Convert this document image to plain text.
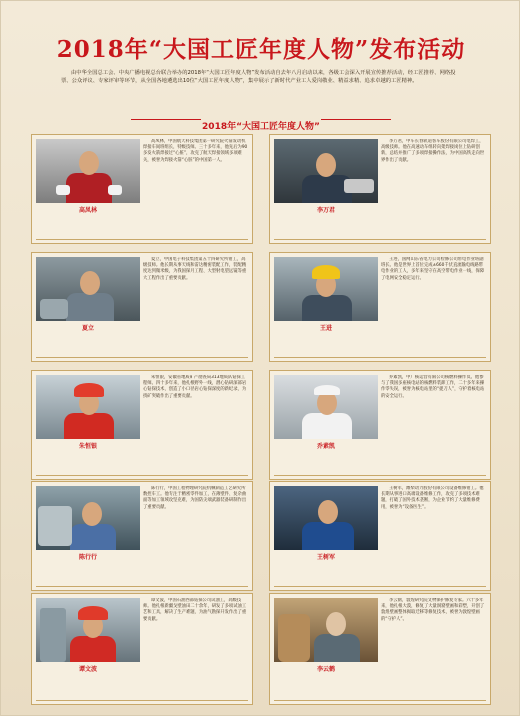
2018年“大国工匠年度人物”发布活动
由中华全国总工会、中央广播电视总台联合举办的2018年“大国工匠年度人物”发布活动自去年八月启动以来，各级工会深入开展宣传推荐活动，经工匠推荐、网络投票、公众评议、专家评审等环节，从全国各地遴选出10位“大国工匠年度人物”，集中展示了新时代产业工人爱岗敬业、精益求精、追求卓越的工匠精神。
2018年“大国工匠年度人物”
高凤林
高凤林，中国航天科技集团第一研究院火箭发动机焊接车间班组长，特级技师。三十多年来，他先后为90多发火箭焊接过“心脏”，攻克了航天焊接领域多项难关，被誉为焊接火箭“心脏”的中国第一人。
李万君
李万君，中车长春轨道客车股份有限公司电焊工，高级技师。他在高速动车组转向架焊接岗位上钻研创新，总结并推广了多项焊接操作法，为中国高铁走向世界作出了贡献。
夏立
夏立，中国电子科技集团第五十四研究所钳工，高级技师。他长期从事天线和雷达精密装配工作，装配精度达到微米级，为我国探月工程、大型射电望远镜等重大工程作出了重要贡献。
王进
王进，国网山东省电力公司检修公司带电作业班副班长。他是世界上首位完成±660千伏直流输电线路带电作业的工人，多年来坚守在高空带电作业一线，保障了电网安全稳定运行。
朱恒银
朱恒银，安徽省地质矿产勘查局313地质队钻探工程师。四十多年来，他扎根野外一线，潜心钻研深部岩心钻探技术，创造了小口径岩心钻探深度的新纪录，为找矿突破作出了重要贡献。
乔素凯
乔素凯，中广核运营有限公司核燃料操作员。他参与了我国多座核电站的核燃料装卸工作，二十多年来操作零失误，被誉为核电站里的“捉刀人”，守护着核电站的安全运行。
陈行行
陈行行，中国工程物理研究院机械制造工艺研究所数控车工。他专注于精密零件加工，在薄壁件、复杂曲面等加工领域攻坚克难，为国防尖端武器装备研制作出了重要贡献。
王树军
王树军，潍柴动力股份有限公司设备维修钳工。他长期从事进口高端设备维修工作，攻克了多项技术难题，打破了国外技术垄断，为企业节约了大量维修费用，被誉为“设备医生”。
谭文波
谭文波，中国石油西部钻探公司试油工，高级技师。他扎根新疆戈壁油田二十余年，研发了多项试油工艺和工具，解决了生产难题，为油气勘探开发作出了重要贡献。
李云鹤
李云鹤，敦煌研究院文物保护修复专家。六十多年来，他扎根大漠，修复了大量洞窟壁画和彩塑，开创了敦煌壁画整体揭取迁移等修复技术，被誉为敦煌壁画的“守护人”。
